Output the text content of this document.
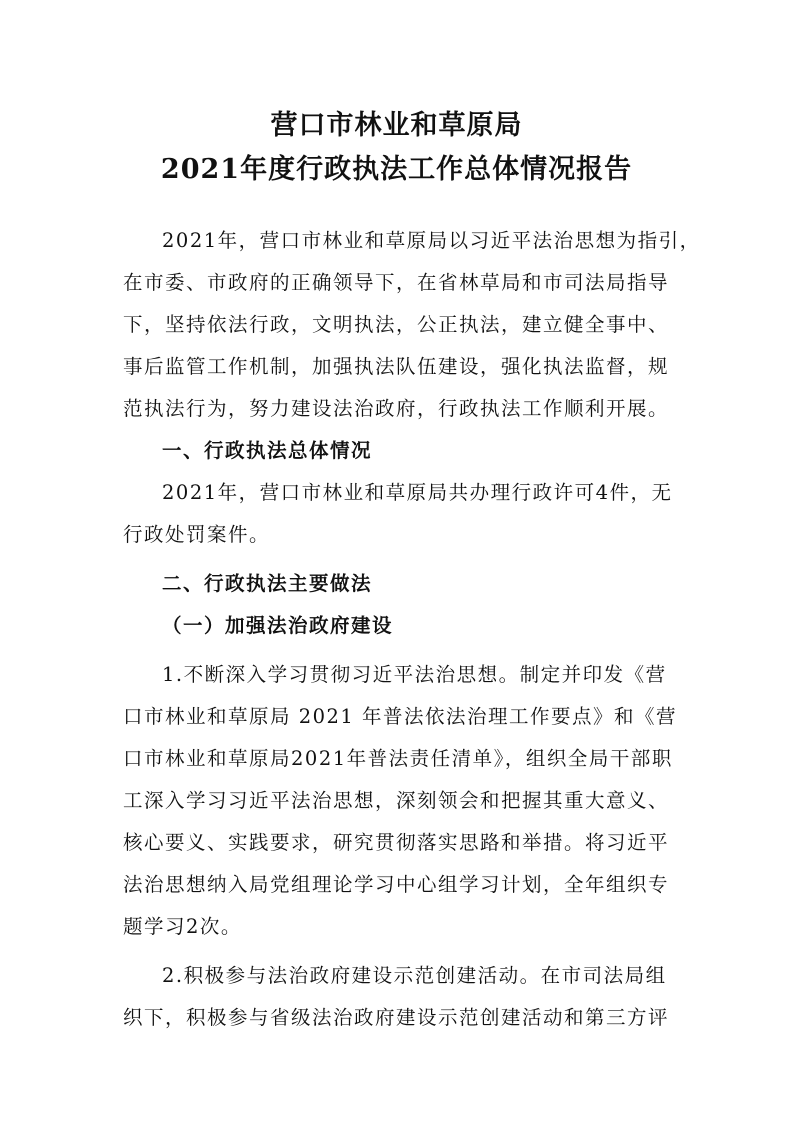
营口市林业和草原局
2021年度行政执法工作总体情况报告
2021年，营口市林业和草原局以习近平法治思想为指引，
在市委、市政府的正确领导下，在省林草局和市司法局指导
下，坚持依法行政，文明执法，公正执法，建立健全事中、
事后监管工作机制，加强执法队伍建设，强化执法监督，规
范执法行为，努力建设法治政府，行政执法工作顺利开展。
一、行政执法总体情况
2021年，营口市林业和草原局共办理行政许可4件，无
行政处罚案件。
二、行政执法主要做法
（一）加强法治政府建设
1.不断深入学习贯彻习近平法治思想。制定并印发《营
口市林业和草原局 2021 年普法依法治理工作要点》和《营
口市林业和草原局2021年普法责任清单》，组织全局干部职
工深入学习习近平法治思想，深刻领会和把握其重大意义、
核心要义、实践要求，研究贯彻落实思路和举措。将习近平
法治思想纳入局党组理论学习中心组学习计划，全年组织专
题学习2次。
2.积极参与法治政府建设示范创建活动。在市司法局组
织下，积极参与省级法治政府建设示范创建活动和第三方评
